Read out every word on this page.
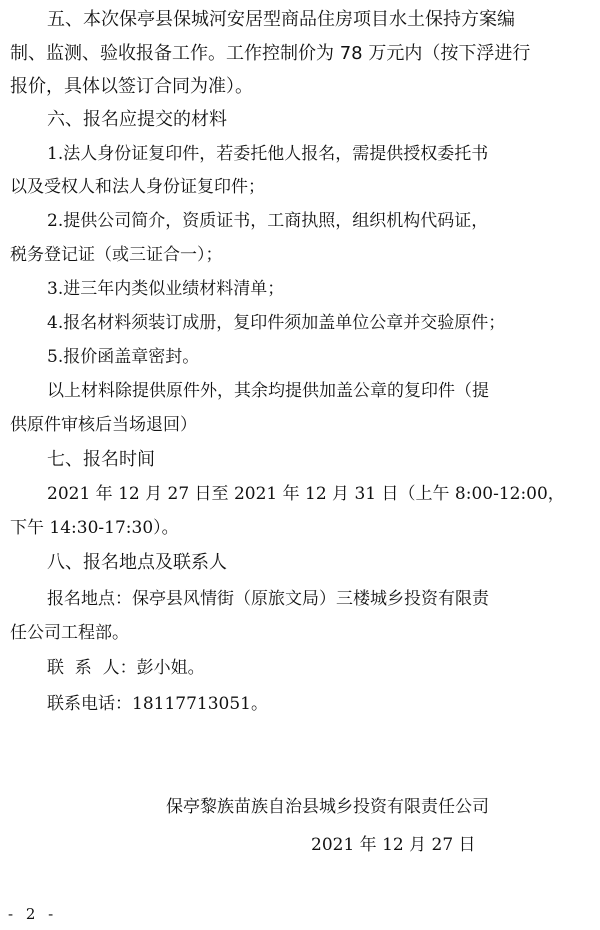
五、本次保亭县保城河安居型商品住房项目水土保持方案编
制、监测、验收报备工作。工作控制价为 78 万元内（按下浮进行
报价，具体以签订合同为准）。
六、报名应提交的材料
1.法人身份证复印件，若委托他人报名，需提供授权委托书
以及受权人和法人身份证复印件；
2.提供公司简介，资质证书，工商执照，组织机构代码证，
税务登记证（或三证合一）；
3.进三年内类似业绩材料清单；
4.报名材料须装订成册，复印件须加盖单位公章并交验原件；
5.报价函盖章密封。
以上材料除提供原件外，其余均提供加盖公章的复印件（提
供原件审核后当场退回）
七、报名时间
2021 年 12 月 27 日至 2021 年 12 月 31 日（上午 8:00-12:00，
下午 14:30-17:30）。
八、报名地点及联系人
报名地点：保亭县风情街（原旅文局）三楼城乡投资有限责
任公司工程部。
联  系  人：彭小姐。
联系电话：18117713051。
保亭黎族苗族自治县城乡投资有限责任公司
2021 年 12 月 27 日
- 2 -
